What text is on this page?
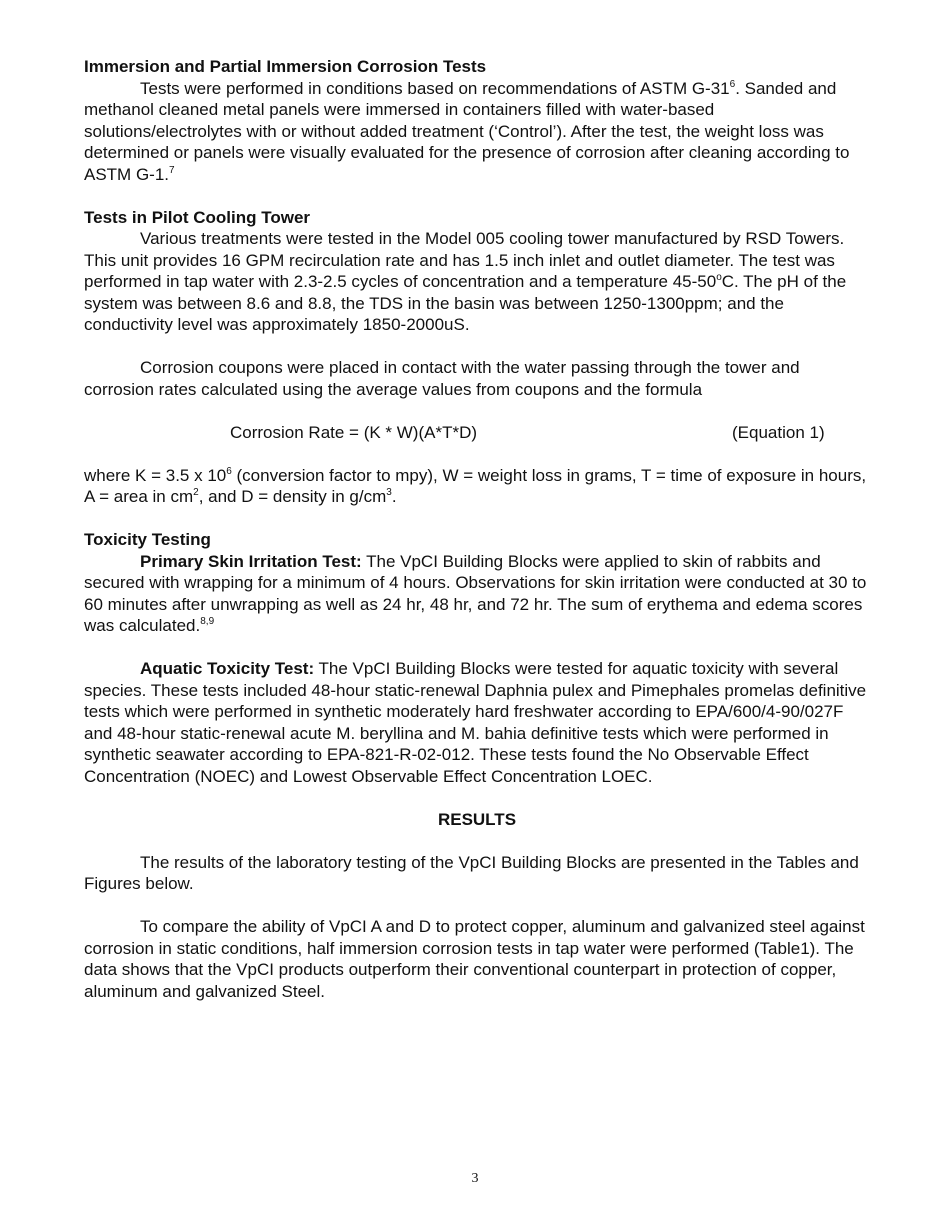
Immersion and Partial Immersion Corrosion Tests

Tests were performed in conditions based on recommendations of ASTM $G-31^6$. Sanded and methanol cleaned metal panels were immersed in containers filled with water-based solutions/electrolytes with or without added treatment (‘Control’). After the test, the weight loss was determined or panels were visually evaluated for the presence of corrosion after cleaning according to ASTM G-1.$^7$

Tests in Pilot Cooling Tower

Various treatments were tested in the Model 005 cooling tower manufactured by RSD Towers. This unit provides 16 GPM recirculation rate and has 1.5 inch inlet and outlet diameter. The test was performed in tap water with 2.3-2.5 cycles of concentration and a temperature 45-50$^o$C. The pH of the system was between 8.6 and 8.8, the TDS in the basin was between 1250-1300ppm; and the conductivity level was approximately 1850-2000uS.

Corrosion coupons were placed in contact with the water passing through the tower and corrosion rates calculated using the average values from coupons and the formula

Corrosion Rate = (K * W)(A*T*D)	(Equation 1)

where K = 3.5 x $10^6$ (conversion factor to mpy), W = weight loss in grams, T = time of exposure in hours, A = area in $cm^2$, and D = density in $g/cm^3$.

Toxicity Testing

Primary Skin Irritation Test: The VpCI Building Blocks were applied to skin of rabbits and secured with wrapping for a minimum of 4 hours. Observations for skin irritation were conducted at 30 to 60 minutes after unwrapping as well as 24 hr, 48 hr, and 72 hr. The sum of erythema and edema scores was calculated.$^{8,9}$

Aquatic Toxicity Test: The VpCI Building Blocks were tested for aquatic toxicity with several species. These tests included 48-hour static-renewal Daphnia pulex and Pimephales promelas definitive tests which were performed in synthetic moderately hard freshwater according to EPA/600/4-90/027F and 48-hour static-renewal acute M. beryllina and M. bahia definitive tests which were performed in synthetic seawater according to EPA-821-R-02-012. These tests found the No Observable Effect Concentration (NOEC) and Lowest Observable Effect Concentration LOEC.

RESULTS

The results of the laboratory testing of the VpCI Building Blocks are presented in the Tables and Figures below.

To compare the ability of VpCI A and D to protect copper, aluminum and galvanized steel against corrosion in static conditions, half immersion corrosion tests in tap water were performed (Table1). The data shows that the VpCI products outperform their conventional counterpart in protection of copper, aluminum and galvanized Steel.

3
